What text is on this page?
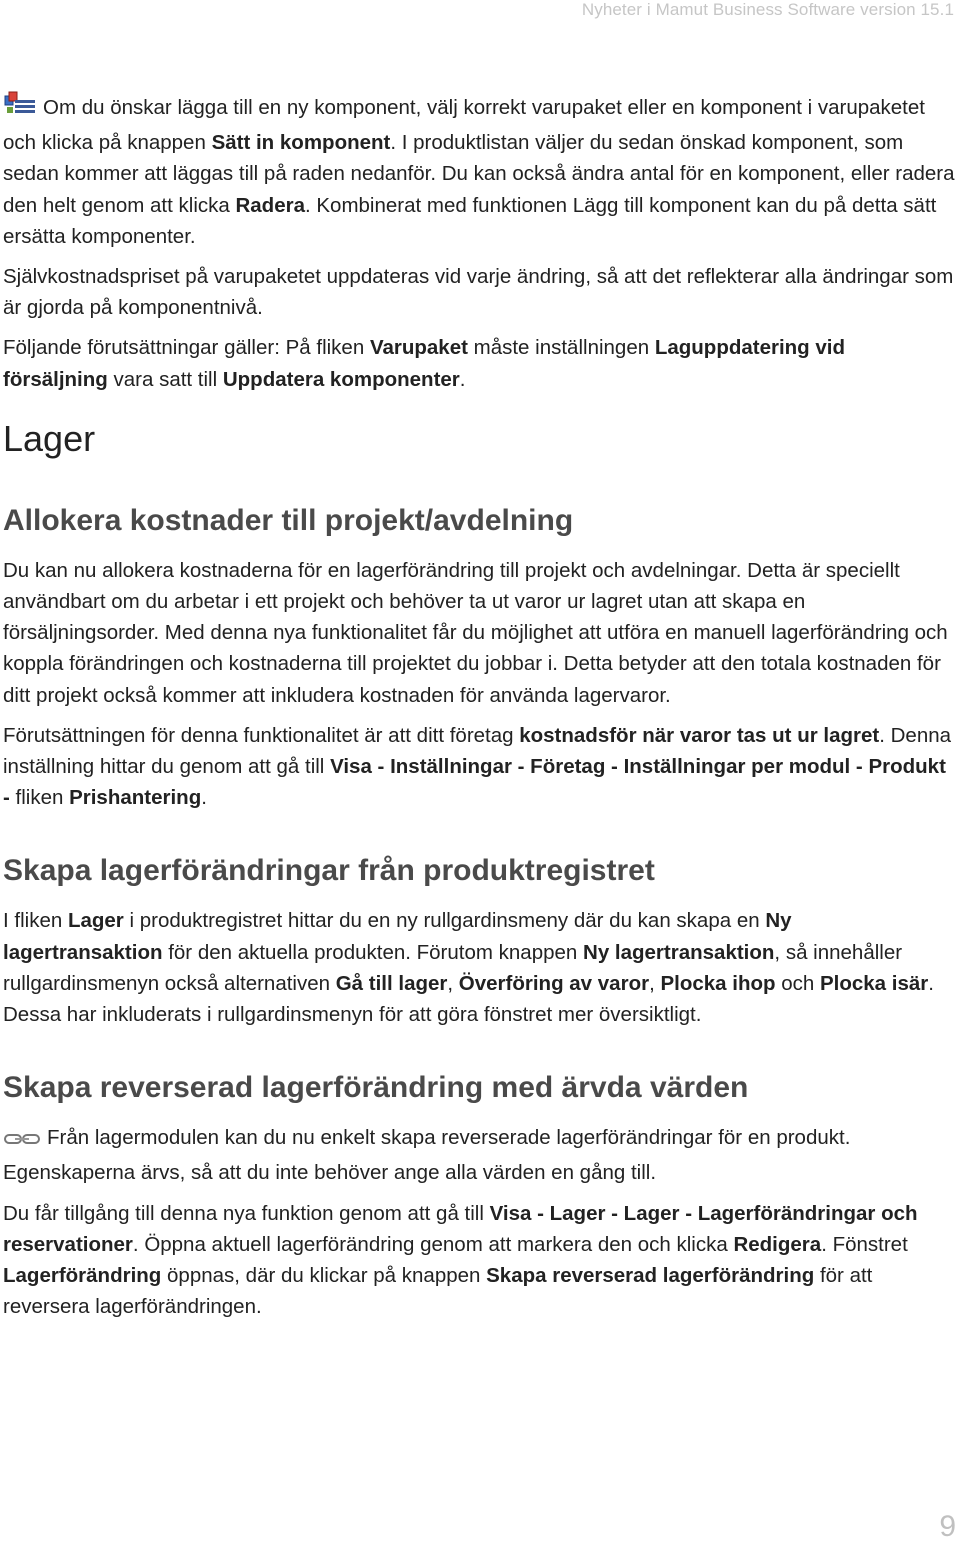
Nyheter i Mamut Business Software version 15.1

Om du önskar lägga till en ny komponent, välj korrekt varupaket eller en komponent i varupaketet och klicka på knappen Sätt in komponent. I produktlistan väljer du sedan önskad komponent, som sedan kommer att läggas till på raden nedanför. Du kan också ändra antal för en komponent, eller radera den helt genom att klicka Radera. Kombinerat med funktionen Lägg till komponent kan du på detta sätt ersätta komponenter.

Självkostnadspriset på varupaketet uppdateras vid varje ändring, så att det reflekterar alla ändringar som är gjorda på komponentnivå.

Följande förutsättningar gäller: På fliken Varupaket måste inställningen Laguppdatering vid försäljning vara satt till Uppdatera komponenter.

Lager
Allokera kostnader till projekt/avdelning

Du kan nu allokera kostnaderna för en lagerförändring till projekt och avdelningar. Detta är speciellt användbart om du arbetar i ett projekt och behöver ta ut varor ur lagret utan att skapa en försäljningsorder. Med denna nya funktionalitet får du möjlighet att utföra en manuell lagerförändring och koppla förändringen och kostnaderna till projektet du jobbar i. Detta betyder att den totala kostnaden för ditt projekt också kommer att inkludera kostnaden för använda lagervaror.

Förutsättningen för denna funktionalitet är att ditt företag kostnadsför när varor tas ut ur lagret. Denna inställning hittar du genom att gå till Visa - Inställningar - Företag - Inställningar per modul - Produkt - fliken Prishantering.

Skapa lagerförändringar från produktregistret

I fliken Lager i produktregistret hittar du en ny rullgardinsmeny där du kan skapa en Ny lagertransaktion för den aktuella produkten. Förutom knappen Ny lagertransaktion, så innehåller rullgardinsmenyn också alternativen Gå till lager, Överföring av varor, Plocka ihop och Plocka isär. Dessa har inkluderats i rullgardinsmenyn för att göra fönstret mer översiktligt.

Skapa reverserad lagerförändring med ärvda värden

Från lagermodulen kan du nu enkelt skapa reverserade lagerförändringar för en produkt. Egenskaperna ärvs, så att du inte behöver ange alla värden en gång till.

Du får tillgång till denna nya funktion genom att gå till Visa - Lager - Lager - Lagerförändringar och reservationer. Öppna aktuell lagerförändring genom att markera den och klicka Redigera. Fönstret Lagerförändring öppnas, där du klickar på knappen Skapa reverserad lagerförändring för att reversera lagerförändringen.

9
